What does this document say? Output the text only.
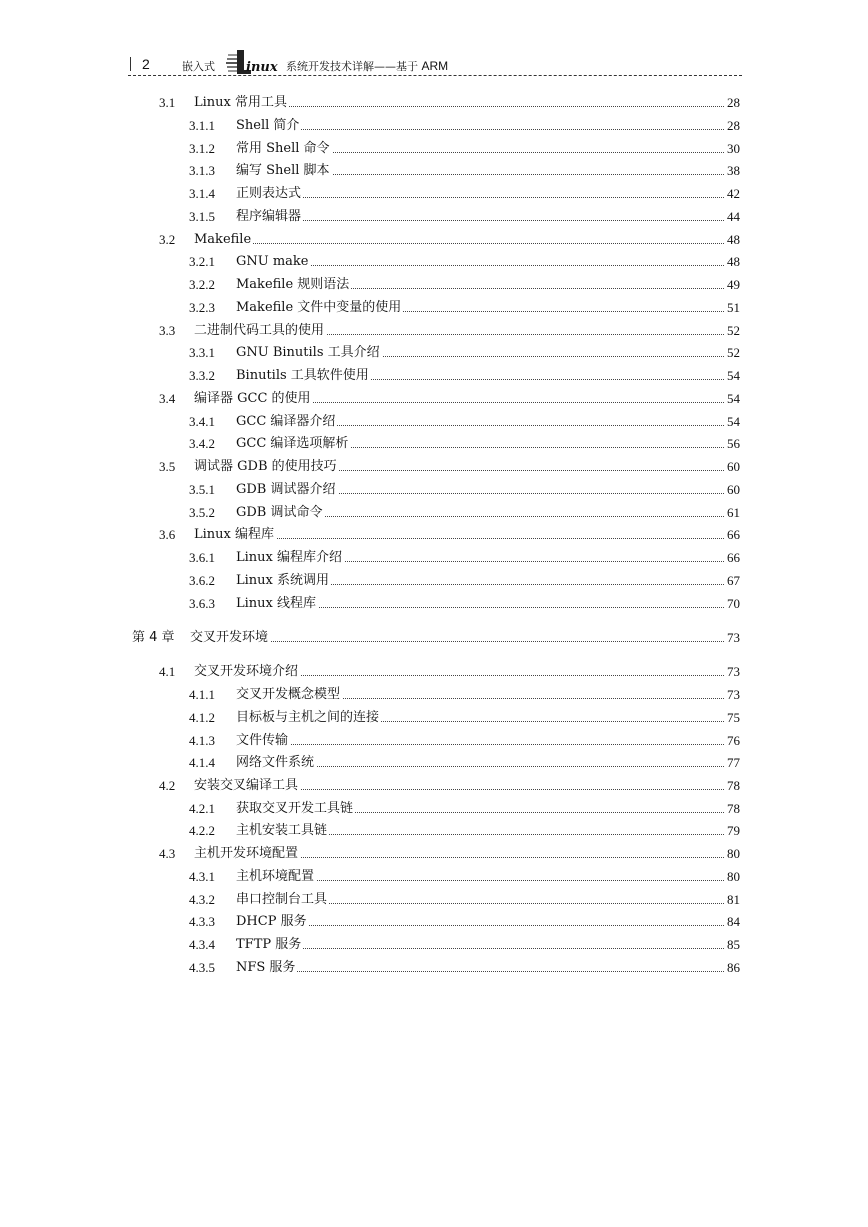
2	嵌入式 inux 系统开发技术详解——基于 ARM
3.1 Linux 常用工具	28
3.1.1 Shell 简介	28
3.1.2 常用 Shell 命令	30
3.1.3 编写 Shell 脚本	38
3.1.4 正则表达式	42
3.1.5 程序编辑器	44
3.2 Makefile	48
3.2.1 GNU make	48
3.2.2 Makefile 规则语法	49
3.2.3 Makefile 文件中变量的使用	51
3.3 二进制代码工具的使用	52
3.3.1 GNU Binutils 工具介绍	52
3.3.2 Binutils 工具软件使用	54
3.4 编译器 GCC 的使用	54
3.4.1 GCC 编译器介绍	54
3.4.2 GCC 编译选项解析	56
3.5 调试器 GDB 的使用技巧	60
3.5.1 GDB 调试器介绍	60
3.5.2 GDB 调试命令	61
3.6 Linux 编程库	66
3.6.1 Linux 编程库介绍	66
3.6.2 Linux 系统调用	67
3.6.3 Linux 线程库	70
第 4 章 交叉开发环境	73
4.1 交叉开发环境介绍	73
4.1.1 交叉开发概念模型	73
4.1.2 目标板与主机之间的连接	75
4.1.3 文件传输	76
4.1.4 网络文件系统	77
4.2 安装交叉编译工具	78
4.2.1 获取交叉开发工具链	78
4.2.2 主机安装工具链	79
4.3 主机开发环境配置	80
4.3.1 主机环境配置	80
4.3.2 串口控制台工具	81
4.3.3 DHCP 服务	84
4.3.4 TFTP 服务	85
4.3.5 NFS 服务	86
